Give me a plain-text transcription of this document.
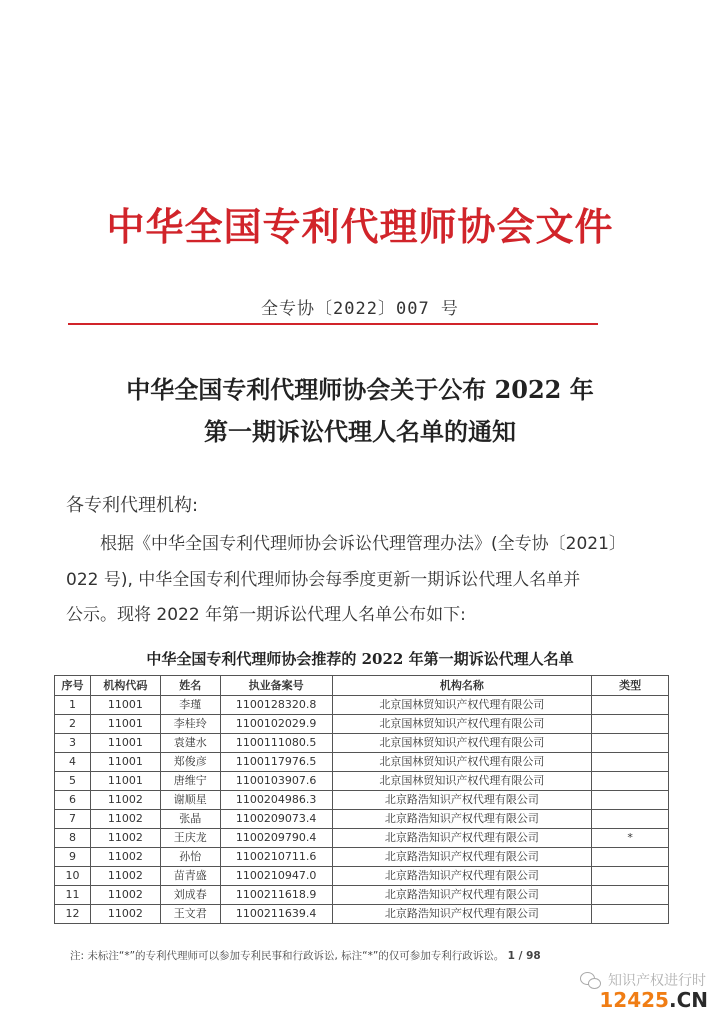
中华全国专利代理师协会文件
全专协〔2022〕007 号
中华全国专利代理师协会关于公布 2022 年
第一期诉讼代理人名单的通知
各专利代理机构:
根据《中华全国专利代理师协会诉讼代理管理办法》(全专协〔2021〕
022 号), 中华全国专利代理师协会每季度更新一期诉讼代理人名单并
公示。现将 2022 年第一期诉讼代理人名单公布如下:
中华全国专利代理师协会推荐的 2022 年第一期诉讼代理人名单
序号	机构代码	姓名	执业备案号	机构名称	类型
1	11001	李瑾	1100128320.8	北京国林贸知识产权代理有限公司	
2	11001	李桂玲	1100102029.9	北京国林贸知识产权代理有限公司	
3	11001	袁建水	1100111080.5	北京国林贸知识产权代理有限公司	
4	11001	郑俊彦	1100117976.5	北京国林贸知识产权代理有限公司	
5	11001	唐维宁	1100103907.6	北京国林贸知识产权代理有限公司	
6	11002	谢顺星	1100204986.3	北京路浩知识产权代理有限公司	
7	11002	张晶	1100209073.4	北京路浩知识产权代理有限公司	
8	11002	王庆龙	1100209790.4	北京路浩知识产权代理有限公司	*
9	11002	孙怡	1100210711.6	北京路浩知识产权代理有限公司	
10	11002	苗青盛	1100210947.0	北京路浩知识产权代理有限公司	
11	11002	刘成春	1100211618.9	北京路浩知识产权代理有限公司	
12	11002	王文君	1100211639.4	北京路浩知识产权代理有限公司	
注: 未标注“*”的专利代理师可以参加专利民事和行政诉讼, 标注“*”的仅可参加专利行政诉讼。 1 / 98
知识产权进行时
12425.CN
